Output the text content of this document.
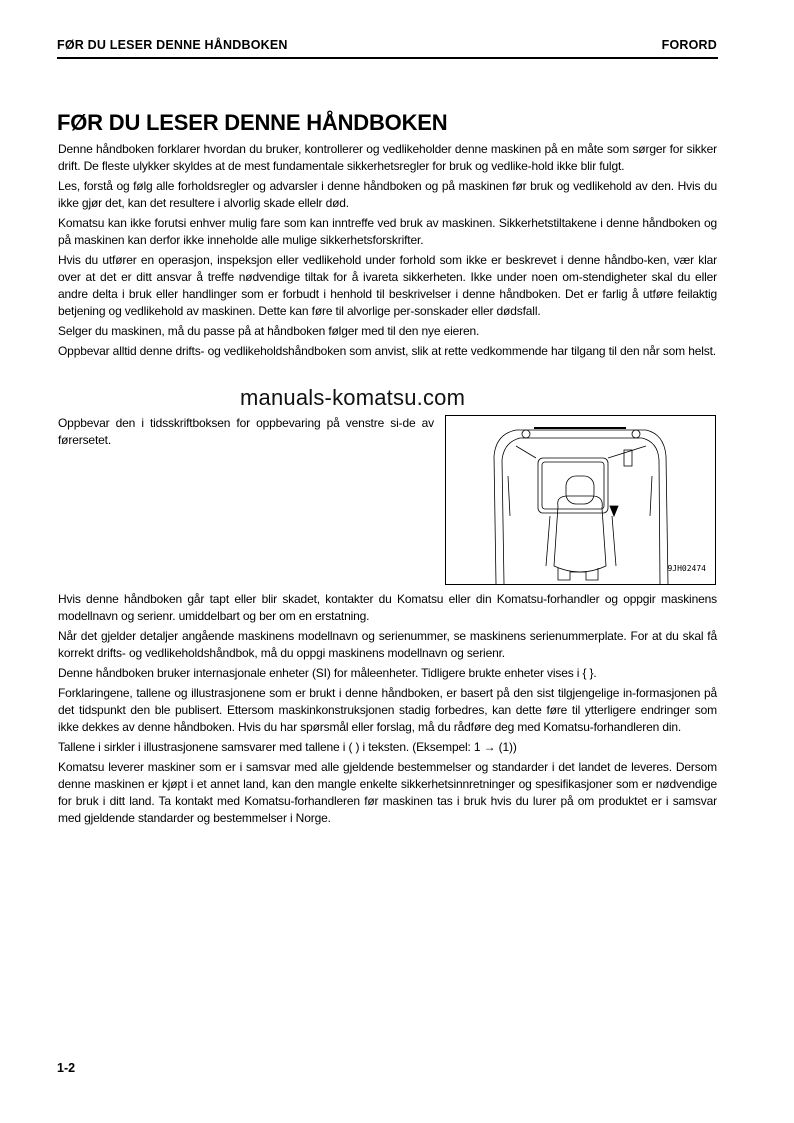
FØR DU LESER DENNE HÅNDBOKEN	FORORD
FØR DU LESER DENNE HÅNDBOKEN

Denne håndboken forklarer hvordan du bruker, kontrollerer og vedlikeholder denne maskinen på en måte som sørger for sikker drift. De fleste ulykker skyldes at de mest fundamentale sikkerhetsregler for bruk og vedlike-hold ikke blir fulgt.

Les, forstå og følg alle forholdsregler og advarsler i denne håndboken og på maskinen før bruk og vedlikehold av den. Hvis du ikke gjør det, kan det resultere i alvorlig skade ellelr død.

Komatsu kan ikke forutsi enhver mulig fare som kan inntreffe ved bruk av maskinen. Sikkerhetstiltakene i denne håndboken og på maskinen kan derfor ikke inneholde alle mulige sikkerhetsforskrifter.

Hvis du utfører en operasjon, inspeksjon eller vedlikehold under forhold som ikke er beskrevet i denne håndbo-ken, vær klar over at det er ditt ansvar å treffe nødvendige tiltak for å ivareta sikkerheten. Ikke under noen om-stendigheter skal du eller andre delta i bruk eller handlinger som er forbudt i henhold til beskrivelser i denne håndboken. Det er farlig å utføre feilaktig betjening og vedlikehold av maskinen. Dette kan føre til alvorlige per-sonskader eller dødsfall.

Selger du maskinen, må du passe på at håndboken følger med til den nye eieren.

Oppbevar alltid denne drifts- og vedlikeholdshåndboken som anvist, slik at rette vedkommende har tilgang til den når som helst.

manuals-komatsu.com

Oppbevar den i tidsskriftboksen for oppbevaring på venstre si-de av førersetet.

9JH02474

Hvis denne håndboken går tapt eller blir skadet, kontakter du Komatsu eller din Komatsu-forhandler og oppgir maskinens modellnavn og serienr. umiddelbart og ber om en erstatning.

Når det gjelder detaljer angående maskinens modellnavn og serienummer, se maskinens serienummerplate. For at du skal få korrekt drifts- og vedlikeholdshåndbok, må du oppgi maskinens modellnavn og serienr.

Denne håndboken bruker internasjonale enheter (SI) for måleenheter. Tidligere brukte enheter vises i { }.

Forklaringene, tallene og illustrasjonene som er brukt i denne håndboken, er basert på den sist tilgjengelige in-formasjonen på det tidspunkt den ble publisert. Ettersom maskinkonstruksjonen stadig forbedres, kan dette føre til ytterligere endringer som ikke dekkes av denne håndboken. Hvis du har spørsmål eller forslag, må du rådføre deg med Komatsu-forhandleren din.

Tallene i sirkler i illustrasjonene samsvarer med tallene i ( ) i teksten. (Eksempel: 1 → (1))

Komatsu leverer maskiner som er i samsvar med alle gjeldende bestemmelser og standarder i det landet de leveres. Dersom denne maskinen er kjøpt i et annet land, kan den mangle enkelte sikkerhetsinnretninger og spesifikasjoner som er nødvendige for bruk i ditt land. Ta kontakt med Komatsu-forhandleren før maskinen tas i bruk hvis du lurer på om produktet er i samsvar med gjeldende standarder og bestemmelser i Norge.

1-2
